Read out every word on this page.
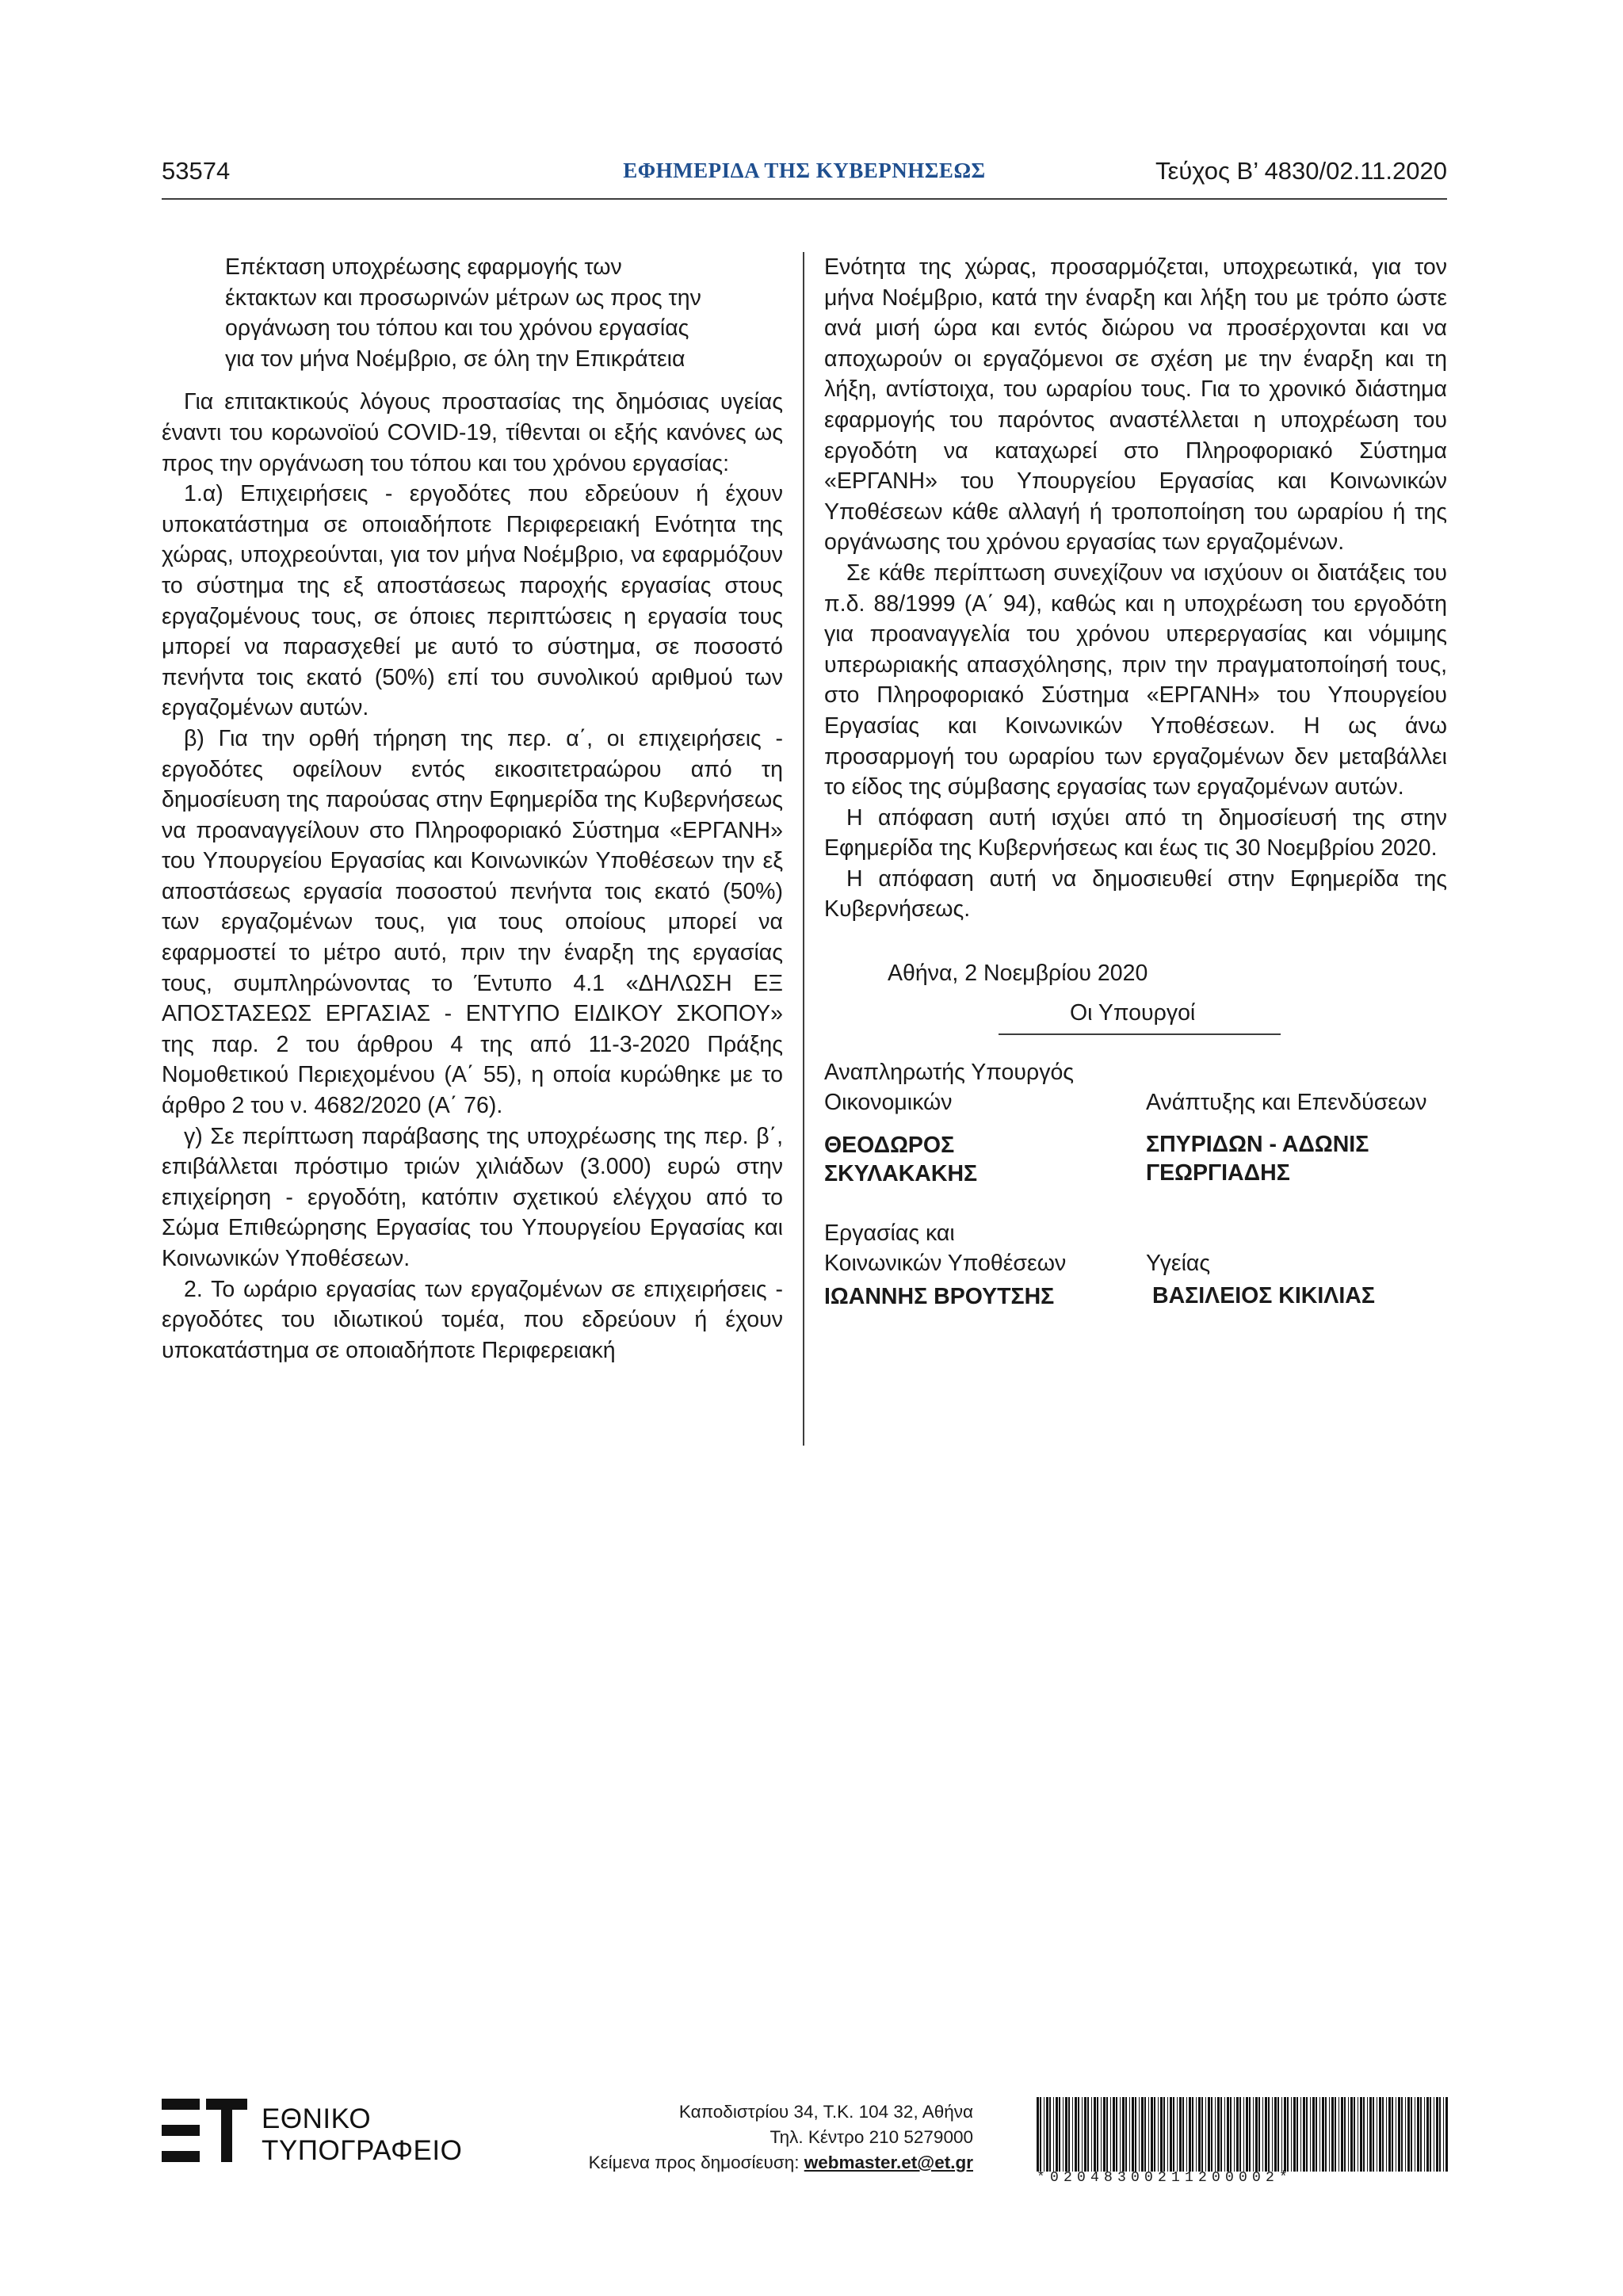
53574	ΕΦΗΜΕΡΙΔΑ ΤΗΣ ΚΥΒΕΡΝΗΣΕΩΣ	Τεύχος B’ 4830/02.11.2020
Επέκταση υποχρέωσης εφαρμογής των
έκτακτων και προσωρινών μέτρων ως προς την
οργάνωση του τόπου και του χρόνου εργασίας
για τον μήνα Νοέμβριο, σε όλη την Επικράτεια

Για επιτακτικούς λόγους προστασίας της δημόσιας υγείας έναντι του κορωνοϊού COVID-19, τίθενται οι εξής κανόνες ως προς την οργάνωση του τόπου και του χρόνου εργασίας:

1.α) Επιχειρήσεις - εργοδότες που εδρεύουν ή έχουν υποκατάστημα σε οποιαδήποτε Περιφερειακή Ενότητα της χώρας, υποχρεούνται, για τον μήνα Νοέμβριο, να εφαρμόζουν το σύστημα της εξ αποστάσεως παροχής εργασίας στους εργαζομένους τους, σε όποιες περιπτώσεις η εργασία τους μπορεί να παρασχεθεί με αυτό το σύστημα, σε ποσοστό πενήντα τοις εκατό (50%) επί του συνολικού αριθμού των εργαζομένων αυτών.

β) Για την ορθή τήρηση της περ. α΄, οι επιχειρήσεις - εργοδότες οφείλουν εντός εικοσιτετραώρου από τη δημοσίευση της παρούσας στην Εφημερίδα της Κυβερνήσεως να προαναγγείλουν στο Πληροφοριακό Σύστημα «ΕΡΓΑΝΗ» του Υπουργείου Εργασίας και Κοινωνικών Υποθέσεων την εξ αποστάσεως εργασία ποσοστού πενήντα τοις εκατό (50%) των εργαζομένων τους, για τους οποίους μπορεί να εφαρμοστεί το μέτρο αυτό, πριν την έναρξη της εργασίας τους, συμπληρώνοντας το Έντυπο 4.1 «ΔΗΛΩΣΗ ΕΞ ΑΠΟΣΤΑΣΕΩΣ ΕΡΓΑΣΙΑΣ - ΕΝΤΥΠΟ ΕΙΔΙΚΟΥ ΣΚΟΠΟΥ» της παρ. 2 του άρθρου 4 της από 11-3-2020 Πράξης Νομοθετικού Περιεχομένου (Α΄ 55), η οποία κυρώθηκε με το άρθρο 2 του ν. 4682/2020 (Α΄ 76).

γ) Σε περίπτωση παράβασης της υποχρέωσης της περ. β΄, επιβάλλεται πρόστιμο τριών χιλιάδων (3.000) ευρώ στην επιχείρηση - εργοδότη, κατόπιν σχετικού ελέγχου από το Σώμα Επιθεώρησης Εργασίας του Υπουργείου Εργασίας και Κοινωνικών Υποθέσεων.

2. Το ωράριο εργασίας των εργαζομένων σε επιχειρήσεις - εργοδότες του ιδιωτικού τομέα, που εδρεύουν ή έχουν υποκατάστημα σε οποιαδήποτε Περιφερειακή

Ενότητα της χώρας, προσαρμόζεται, υποχρεωτικά, για τον μήνα Νοέμβριο, κατά την έναρξη και λήξη του με τρόπο ώστε ανά μισή ώρα και εντός διώρου να προσέρχονται και να αποχωρούν οι εργαζόμενοι σε σχέση με την έναρξη και τη λήξη, αντίστοιχα, του ωραρίου τους. Για το χρονικό διάστημα εφαρμογής του παρόντος αναστέλλεται η υποχρέωση του εργοδότη να καταχωρεί στο Πληροφοριακό Σύστημα «ΕΡΓΑΝΗ» του Υπουργείου Εργασίας και Κοινωνικών Υποθέσεων κάθε αλλαγή ή τροποποίηση του ωραρίου ή της οργάνωσης του χρόνου εργασίας των εργαζομένων.

Σε κάθε περίπτωση συνεχίζουν να ισχύουν οι διατάξεις του π.δ. 88/1999 (Α΄ 94), καθώς και η υποχρέωση του εργοδότη για προαναγγελία του χρόνου υπερεργασίας και νόμιμης υπερωριακής απασχόλησης, πριν την πραγματοποίησή τους, στο Πληροφοριακό Σύστημα «ΕΡΓΑΝΗ» του Υπουργείου Εργασίας και Κοινωνικών Υποθέσεων. Η ως άνω προσαρμογή του ωραρίου των εργαζομένων δεν μεταβάλλει το είδος της σύμβασης εργασίας των εργαζομένων αυτών.

Η απόφαση αυτή ισχύει από τη δημοσίευσή της στην Εφημερίδα της Κυβερνήσεως και έως τις 30 Νοεμβρίου 2020.

Η απόφαση αυτή να δημοσιευθεί στην Εφημερίδα της Κυβερνήσεως.

Αθήνα, 2 Νοεμβρίου 2020
Οι Υπουργοί
Αναπληρωτής Υπουργός Οικονομικών
ΘΕΟΔΩΡΟΣ
ΣΚΥΛΑΚΑΚΗΣ
Ανάπτυξης και Επενδύσεων
ΣΠΥΡΙΔΩΝ - ΑΔΩΝΙΣ
ΓΕΩΡΓΙΑΔΗΣ
Εργασίας και
Κοινωνικών Υποθέσεων
ΙΩΑΝΝΗΣ ΒΡΟΥΤΣΗΣ
Υγείας
ΒΑΣΙΛΕΙΟΣ ΚΙΚΙΛΙΑΣ
ΕΘΝΙΚΟ
ΤΥΠΟΓΡΑΦΕΙΟ
Καποδιστρίου 34, Τ.Κ. 104 32, Αθήνα
Τηλ. Κέντρο 210 5279000
Κείμενα προς δημοσίευση: webmaster.et@et.gr
*02048300211200002*
